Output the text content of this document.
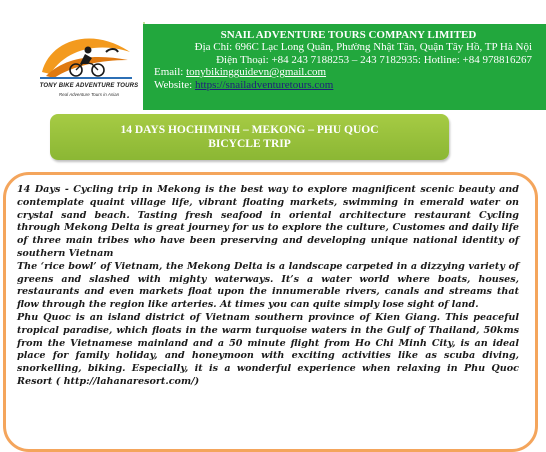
TONY BIKE ADVENTURE TOURS
Real Adventure Tours in Asian
SNAIL ADVENTURE TOURS COMPANY LIMITED
Địa Chỉ: 696C Lạc Long Quân, Phường Nhật Tân, Quận Tây Hồ, TP Hà Nội
Điện Thoại: +84 243 7188253 – 243 7182935: Hotline: +84 978816267
Email: tonybikingguidevn@gmail.com
Website: https://snailadventuretours.com
14 DAYS HOCHIMINH – MEKONG – PHU QUOC
BICYCLE TRIP

14 Days - Cycling trip in Mekong is the best way to explore magnificent scenic beauty and contemplate quaint village life, vibrant floating markets, swimming in emerald water on crystal sand beach. Tasting fresh seafood in oriental architecture restaurant Cycling through Mekong Delta is great journey for us to explore the culture, Customes and daily life of three main tribes who have been preserving and developing unique national identity of southern Vietnam

The ‘rice bowl’ of Vietnam, the Mekong Delta is a landscape carpeted in a dizzying variety of greens and slashed with mighty waterways. It’s a water world where boats, houses, restaurants and even markets float upon the innumerable rivers, canals and streams that flow through the region like arteries. At times you can quite simply lose sight of land.

Phu Quoc is an island district of Vietnam southern province of Kien Giang. This peaceful tropical paradise, which floats in the warm turquoise waters in the Gulf of Thailand, 50kms from the Vietnamese mainland and a 50 minute flight from Ho Chi Minh City, is an ideal place for family holiday, and honeymoon with exciting activities like as scuba diving, snorkelling, biking. Especially, it is a wonderful experience when relaxing in Phu Quoc Resort ( http://lahanaresort.com/)
